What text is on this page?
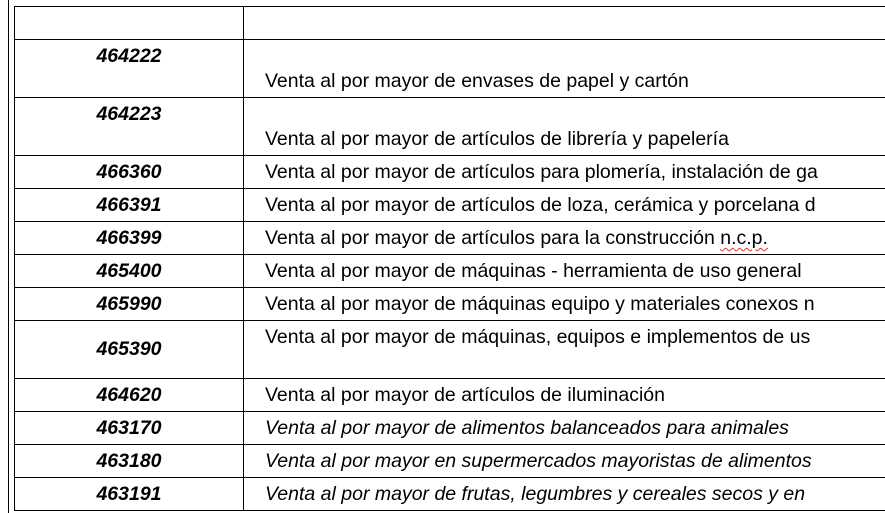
464222	Venta al por mayor de envases de papel y cartón
464223	Venta al por mayor de artículos de librería y papelería
466360	Venta al por mayor de artículos para plomería, instalación de ga
466391	Venta al por mayor de artículos de loza, cerámica y porcelana d
466399	Venta al por mayor de artículos para la construcción n.c.p.
465400	Venta al por mayor de máquinas - herramienta de uso general
465990	Venta al por mayor de máquinas equipo y materiales conexos n
465390	Venta al por mayor de máquinas, equipos e implementos de us
464620	Venta al por mayor de artículos de iluminación
463170	Venta al por mayor de alimentos balanceados para animales
463180	Venta al por mayor en supermercados mayoristas de alimentos
463191	Venta al por mayor de frutas, legumbres y cereales secos y en
